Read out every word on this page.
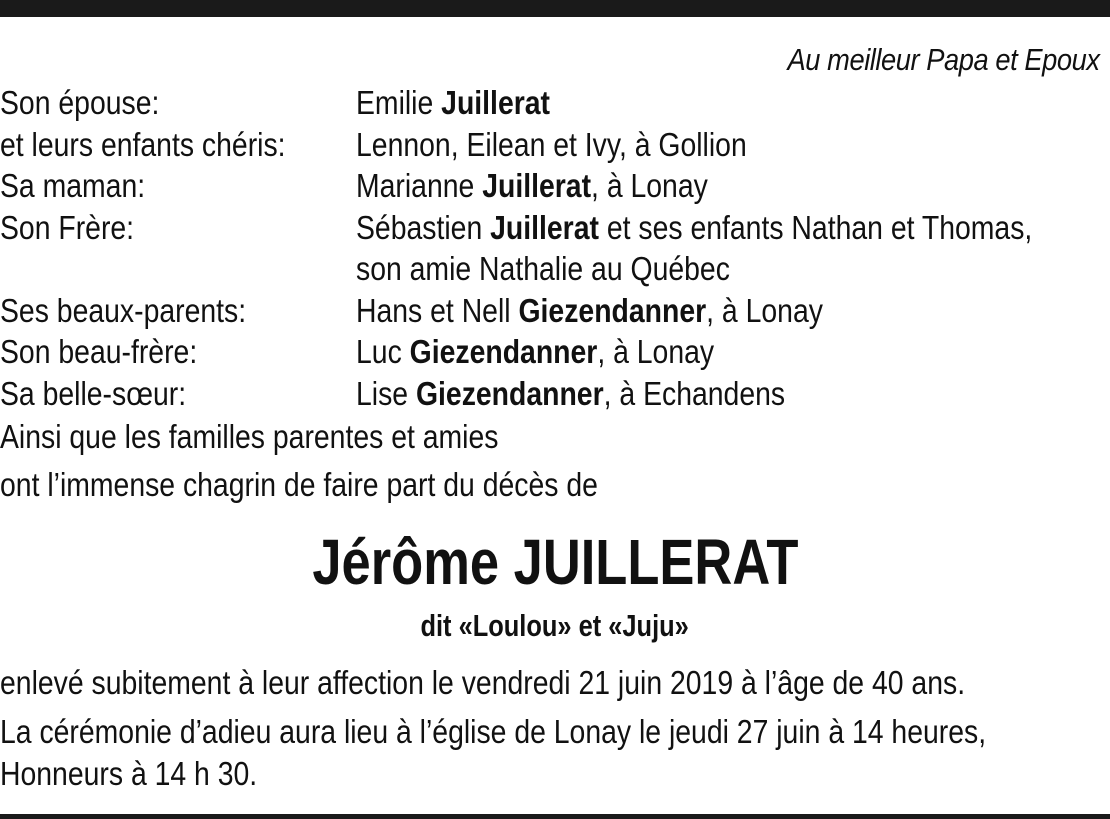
Au meilleur Papa et Epoux
Son épouse:	Emilie Juillerat
et leurs enfants chéris:	Lennon, Eilean et Ivy, à Gollion
Sa maman:	Marianne Juillerat, à Lonay
Son Frère:	Sébastien Juillerat et ses enfants Nathan et Thomas,
son amie Nathalie au Québec
Ses beaux-parents:	Hans et Nell Giezendanner, à Lonay
Son beau-frère:	Luc Giezendanner, à Lonay
Sa belle-sœur:	Lise Giezendanner, à Echandens
Ainsi que les familles parentes et amies
ont l’immense chagrin de faire part du décès de
Jérôme JUILLERAT
dit «Loulou» et «Juju»
enlevé subitement à leur affection le vendredi 21 juin 2019 à l’âge de 40 ans.
La cérémonie d’adieu aura lieu à l’église de Lonay le jeudi 27 juin à 14 heures,
Honneurs à 14 h 30.
